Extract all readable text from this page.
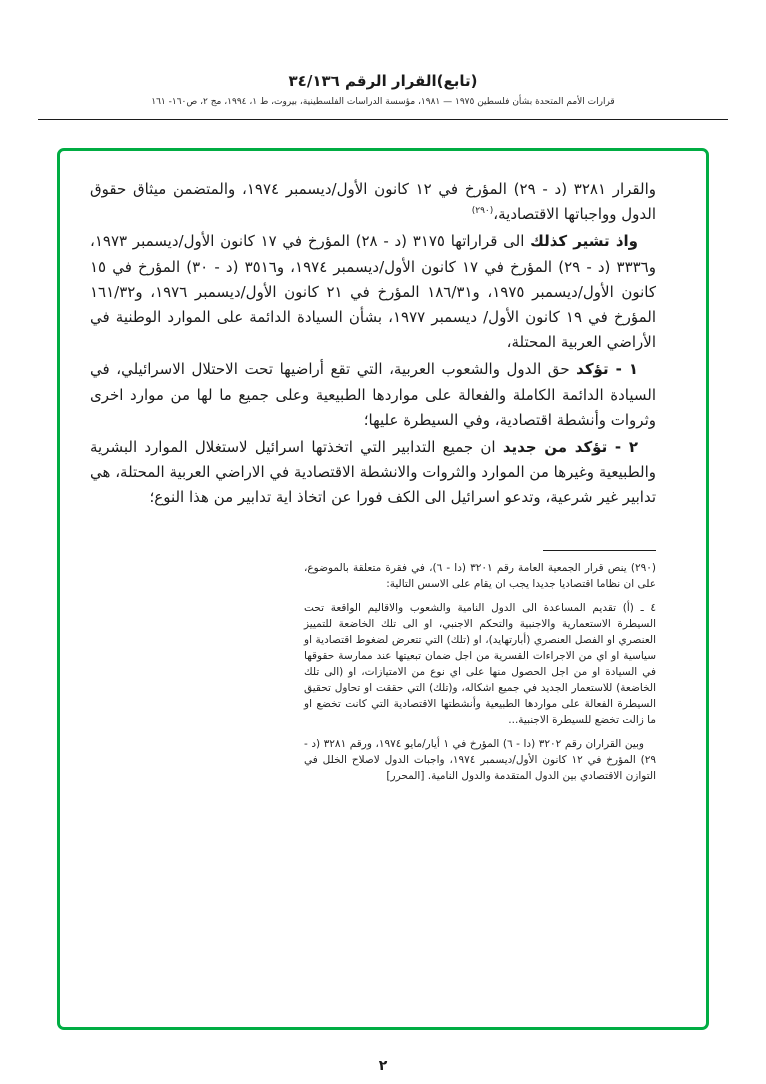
(تابع)القرار الرقم ٣٤/١٣٦
قرارات الأمم المتحدة بشأن فلسطين ١٩٧٥ — ١٩٨١، مؤسسة الدراسات الفلسطينية، بيروت، ط ١، ١٩٩٤، مج ٢، ص١٦٠- ١٦١

والقرار ٣٢٨١ (د - ٢٩) المؤرخ في ١٢ كانون الأول/ديسمبر ١٩٧٤، والمتضمن ميثاق حقوق الدول وواجباتها الاقتصادية،$^{(٢٩٠)}$

واذ تشير كذلك الى قراراتها ٣١٧٥ (د - ٢٨) المؤرخ في ١٧ كانون الأول/ديسمبر ١٩٧٣، و٣٣٣٦ (د - ٢٩) المؤرخ في ١٧ كانون الأول/ديسمبر ١٩٧٤، و٣٥١٦ (د - ٣٠) المؤرخ في ١٥ كانون الأول/ديسمبر ١٩٧٥، و١٨٦/٣١ المؤرخ في ٢١ كانون الأول/ديسمبر ١٩٧٦، و١٦١/٣٢ المؤرخ في ١٩ كانون الأول/ ديسمبر ١٩٧٧، بشأن السيادة الدائمة على الموارد الوطنية في الأراضي العربية المحتلة،

١ - تؤكد حق الدول والشعوب العربية، التي تقع أراضيها تحت الاحتلال الاسرائيلي، في السيادة الدائمة الكاملة والفعالة على مواردها الطبيعية وعلى جميع ما لها من موارد اخرى وثروات وأنشطة اقتصادية، وفي السيطرة عليها؛

٢ - تؤكد من جديد ان جميع التدابير التي اتخذتها اسرائيل لاستغلال الموارد البشرية والطبيعية وغيرها من الموارد والثروات والانشطة الاقتصادية في الاراضي العربية المحتلة، هي تدابير غير شرعية، وتدعو اسرائيل الى الكف فورا عن اتخاذ اية تدابير من هذا النوع؛

(٢٩٠) ينص قرار الجمعية العامة رقم ٣٢٠١ (دا - ٦)، في فقرة متعلقة بالموضوع، على ان نظاما اقتصاديا جديدا يجب ان يقام على الاسس التالية:

٤ ـ (أ) تقديم المساعدة الى الدول النامية والشعوب والاقاليم الواقعة تحت السيطرة الاستعمارية والاجنبية والتحكم الاجنبي، او الى تلك الخاضعة للتمييز العنصري او الفصل العنصري (أبارتهايد)، او (تلك) التي تتعرض لضغوط اقتصادية او سياسية او اي من الاجراءات القسرية من اجل ضمان تبعيتها عند ممارسة حقوقها في السيادة او من اجل الحصول منها على اي نوع من الامتيازات، او (الى تلك الخاضعة) للاستعمار الجديد في جميع اشكاله، و(تلك) التي حققت او تحاول تحقيق السيطرة الفعالة على مواردها الطبيعية وأنشطتها الاقتصادية التي كانت تخضع او ما زالت تخضع للسيطرة الاجنبية...

وبين القراران رقم ٣٢٠٢ (دا - ٦) المؤرخ في ١ أيار/مايو ١٩٧٤، ورقم ٣٢٨١ (د - ٢٩) المؤرخ في ١٢ كانون الأول/ديسمبر ١٩٧٤، واجبات الدول لاصلاح الخلل في التوازن الاقتصادي بين الدول المتقدمة والدول النامية. [المحرر]

٢
